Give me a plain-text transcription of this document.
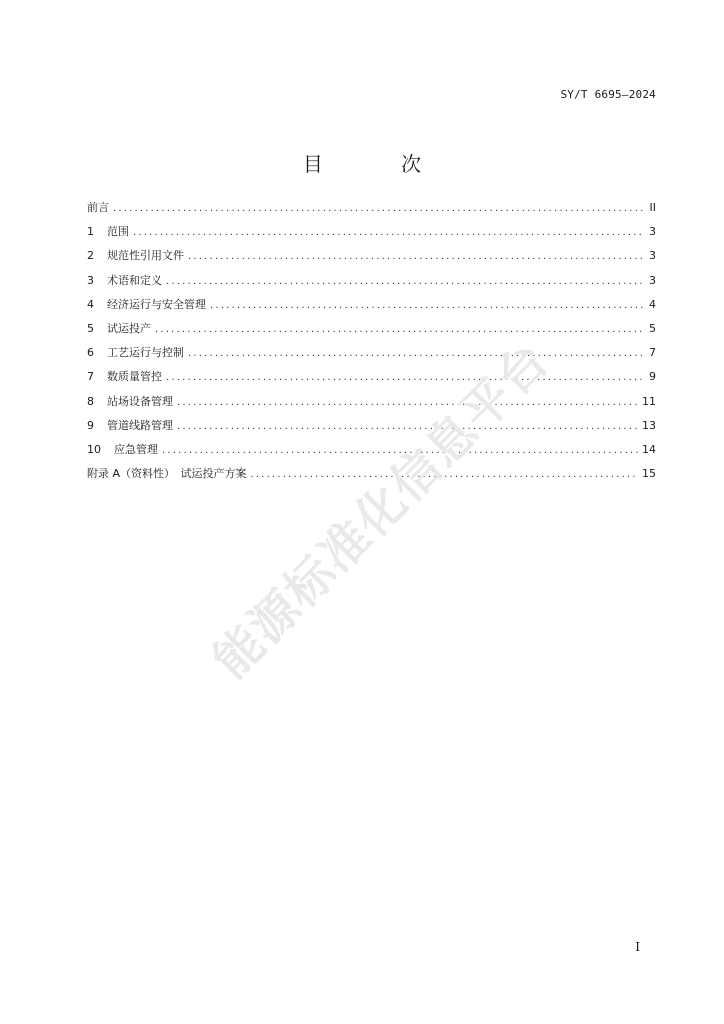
SY/T 6695—2024
目 次
前言 .....	II
1 范围 .....	3
2 规范性引用文件 .....	3
3 术语和定义 .....	3
4 经济运行与安全管理 .....	4
5 试运投产 .....	5
6 工艺运行与控制 .....	7
7 数质量管控 .....	9
8 站场设备管理 .....	11
9 管道线路管理 .....	13
10 应急管理 .....	14
附录 A（资料性）　试运投产方案 .....	15
能源标准化信息平台
I
